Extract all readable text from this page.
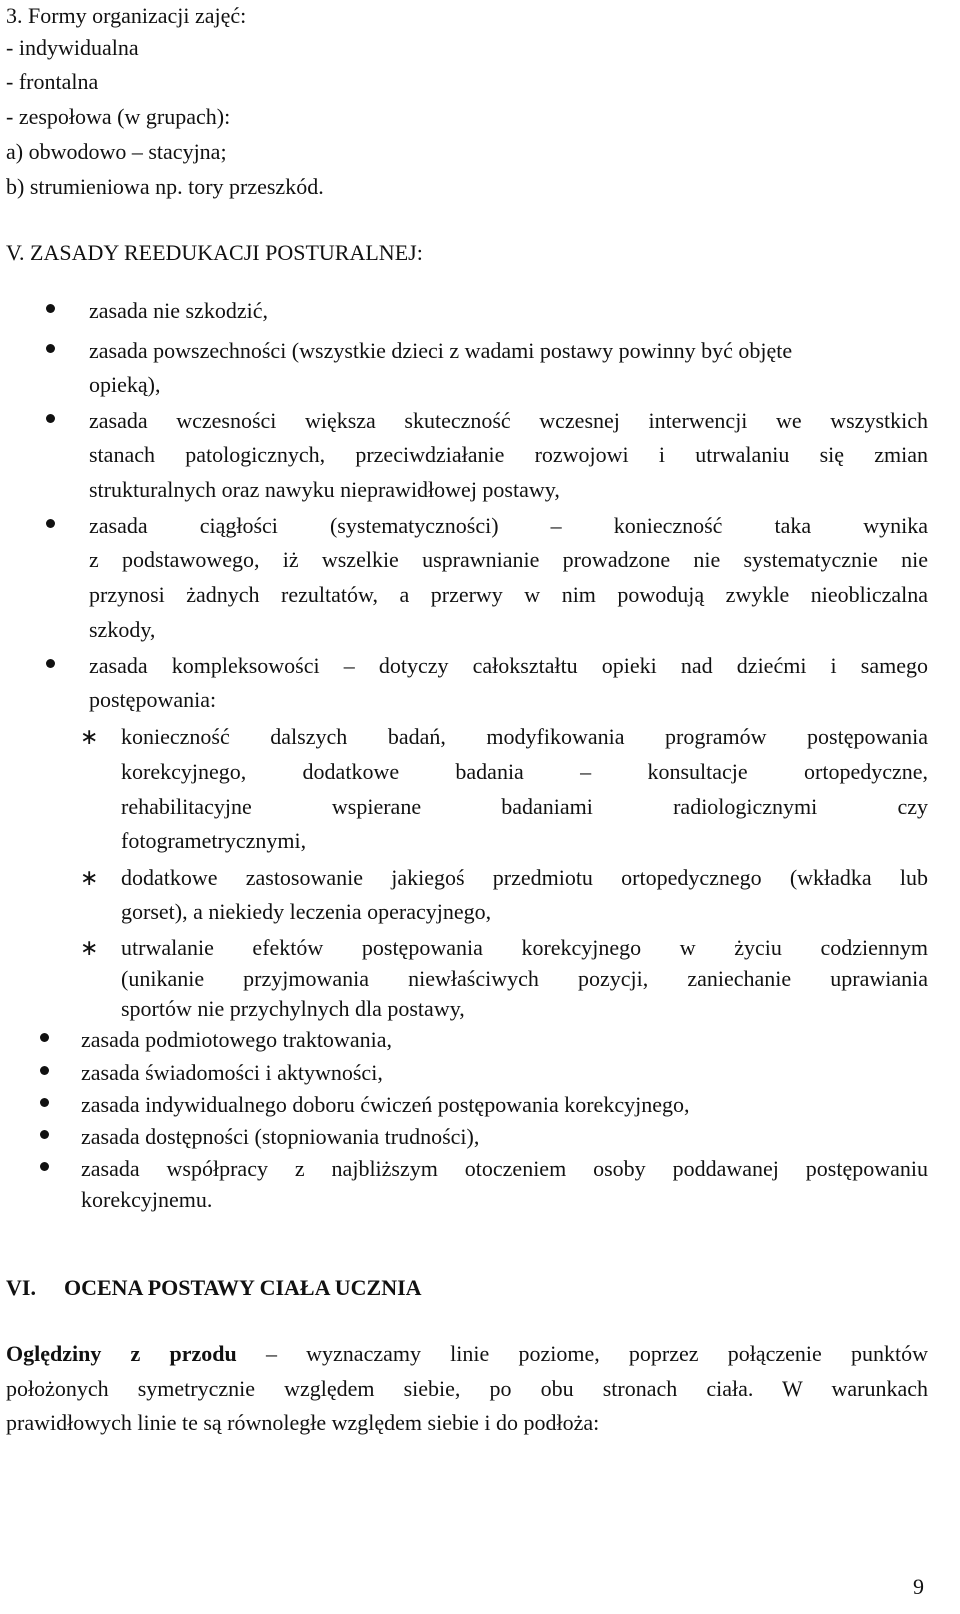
3. Formy organizacji zajęć:
- indywidualna
- frontalna
- zespołowa (w grupach):
a) obwodowo – stacyjna;
b) strumieniowa np. tory przeszkód.
V. ZASADY REEDUKACJI POSTURALNEJ:
zasada nie szkodzić,
zasada powszechności (wszystkie dzieci z wadami postawy powinny być objęte
opieką),
zasada wczesności większa skuteczność wczesnej interwencji we wszystkich
stanach patologicznych, przeciwdziałanie rozwojowi i utrwalaniu się zmian
strukturalnych oraz nawyku nieprawidłowej postawy,
zasada ciągłości (systematyczności) – konieczność taka wynika
z podstawowego, iż wszelkie usprawnianie prowadzone nie systematycznie nie
przynosi żadnych rezultatów, a przerwy w nim powodują zwykle nieobliczalna
szkody,
zasada kompleksowości – dotyczy całokształtu opieki nad dziećmi i samego
postępowania:
∗ konieczność dalszych badań, modyfikowania programów postępowania
korekcyjnego, dodatkowe badania – konsultacje ortopedyczne,
rehabilitacyjne wspierane badaniami radiologicznymi czy
fotogrametrycznymi,
∗ dodatkowe zastosowanie jakiegoś przedmiotu ortopedycznego (wkładka lub
gorset), a niekiedy leczenia operacyjnego,
∗ utrwalanie efektów postępowania korekcyjnego w życiu codziennym
(unikanie przyjmowania niewłaściwych pozycji, zaniechanie uprawiania
sportów nie przychylnych dla postawy,
zasada podmiotowego traktowania,
zasada świadomości i aktywności,
zasada indywidualnego doboru ćwiczeń postępowania korekcyjnego,
zasada dostępności (stopniowania trudności),
zasada współpracy z najbliższym otoczeniem osoby poddawanej postępowaniu
korekcyjnemu.
VI. OCENA POSTAWY CIAŁA UCZNIA
Oględziny z przodu – wyznaczamy linie poziome, poprzez połączenie punktów
położonych symetrycznie względem siebie, po obu stronach ciała. W warunkach
prawidłowych linie te są równoległe względem siebie i do podłoża:
9
